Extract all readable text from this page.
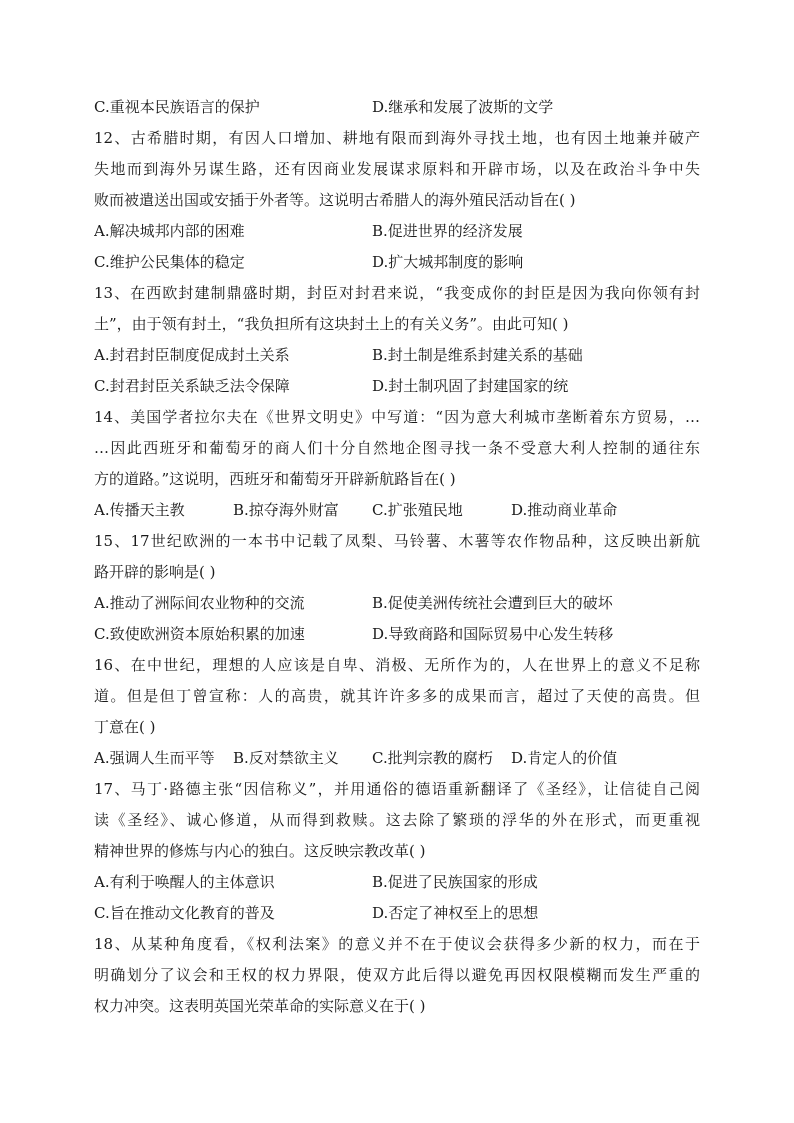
C.重视本民族语言的保护	D.继承和发展了波斯的文学
12、古希腊时期，有因人口增加、耕地有限而到海外寻找土地，也有因土地兼并破产
失地而到海外另谋生路，还有因商业发展谋求原料和开辟市场，以及在政治斗争中失
败而被遣送出国或安插于外者等。这说明古希腊人的海外殖民活动旨在( )
A.解决城邦内部的困难	B.促进世界的经济发展
C.维护公民集体的稳定	D.扩大城邦制度的影响
13、在西欧封建制鼎盛时期，封臣对封君来说，“我变成你的封臣是因为我向你领有封
土”，由于领有封土，“我负担所有这块封土上的有关义务”。由此可知( )
A.封君封臣制度促成封土关系	B.封土制是维系封建关系的基础
C.封君封臣关系缺乏法令保障	D.封土制巩固了封建国家的统
14、美国学者拉尔夫在《世界文明史》中写道：“因为意大利城市垄断着东方贸易，…
…因此西班牙和葡萄牙的商人们十分自然地企图寻找一条不受意大利人控制的通往东
方的道路。”这说明，西班牙和葡萄牙开辟新航路旨在( )
A.传播天主教	B.掠夺海外财富	C.扩张殖民地	D.推动商业革命
15、17世纪欧洲的一本书中记载了凤梨、马铃薯、木薯等农作物品种，这反映出新航
路开辟的影响是( )
A.推动了洲际间农业物种的交流	B.促使美洲传统社会遭到巨大的破坏
C.致使欧洲资本原始积累的加速	D.导致商路和国际贸易中心发生转移
16、在中世纪，理想的人应该是自卑、消极、无所作为的，人在世界上的意义不足称
道。但是但丁曾宣称：人的高贵，就其许许多多的成果而言，超过了天使的高贵。但
丁意在( )
A.强调人生而平等	B.反对禁欲主义	C.批判宗教的腐朽	D.肯定人的价值
17、马丁·路德主张“因信称义”，并用通俗的德语重新翻译了《圣经》，让信徒自己阅
读《圣经》、诚心修道，从而得到救赎。这去除了繁琐的浮华的外在形式，而更重视
精神世界的修炼与内心的独白。这反映宗教改革( )
A.有利于唤醒人的主体意识	B.促进了民族国家的形成
C.旨在推动文化教育的普及	D.否定了神权至上的思想
18、从某种角度看，《权利法案》的意义并不在于使议会获得多少新的权力，而在于
明确划分了议会和王权的权力界限，使双方此后得以避免再因权限模糊而发生严重的
权力冲突。这表明英国光荣革命的实际意义在于( )
